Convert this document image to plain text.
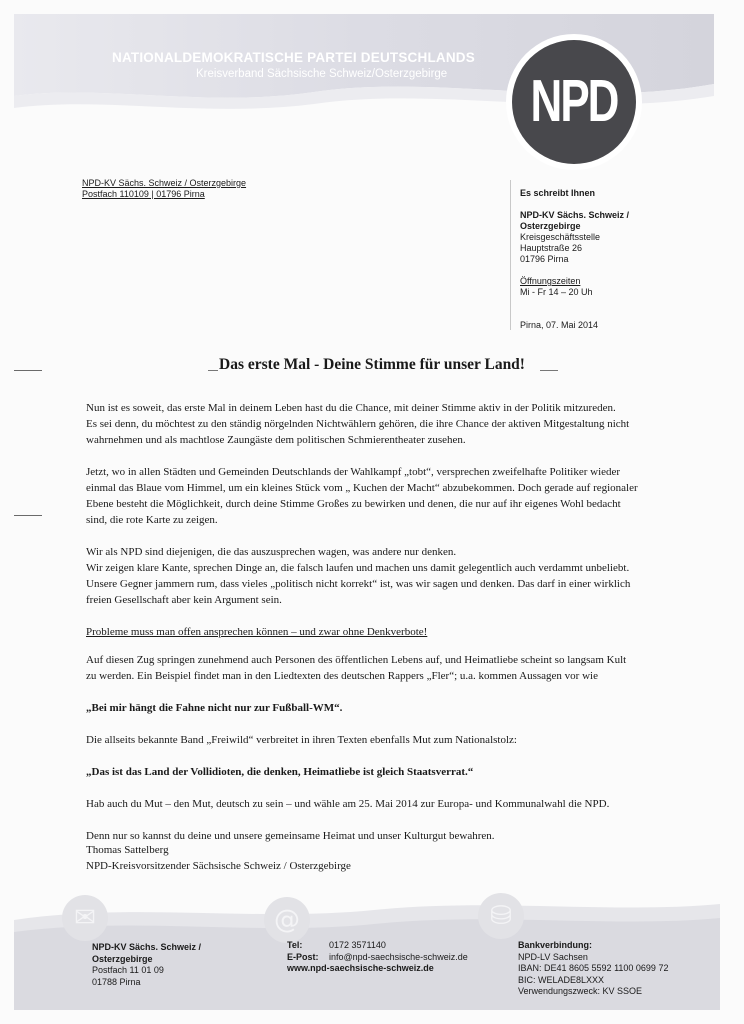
NATIONALDEMOKRATISCHE PARTEI DEUTSCHLANDS
Kreisverband Sächsische Schweiz/Osterzgebirge NPD
NPD-KV Sächs. Schweiz / Osterzgebirge
Postfach 110109 | 01796 Pirna	Es schreibt Ihnen
NPD-KV Sächs. Schweiz /
Osterzgebirge
Kreisgeschäftsstelle
Hauptstraße 26
01796 Pirna
Öffnungszeiten
Mi - Fr 14 – 20 Uh
Pirna, 07. Mai 2014
Das erste Mal - Deine Stimme für unser Land!

Nun ist es soweit, das erste Mal in deinem Leben hast du die Chance, mit deiner Stimme aktiv in der Politik mitzureden.
Es sei denn, du möchtest zu den ständig nörgelnden Nichtwählern gehören, die ihre Chance der aktiven Mitgestaltung nicht
wahrnehmen und als machtlose Zaungäste dem politischen Schmierentheater zusehen.

Jetzt, wo in allen Städten und Gemeinden Deutschlands der Wahlkampf „tobt“, versprechen zweifelhafte Politiker wieder
einmal das Blaue vom Himmel, um ein kleines Stück vom „ Kuchen der Macht“ abzubekommen. Doch gerade auf regionaler
Ebene besteht die Möglichkeit, durch deine Stimme Großes zu bewirken und denen, die nur auf ihr eigenes Wohl bedacht
sind, die rote Karte zu zeigen.

Wir als NPD sind diejenigen, die das auszusprechen wagen, was andere nur denken.
Wir zeigen klare Kante, sprechen Dinge an, die falsch laufen und machen uns damit gelegentlich auch verdammt unbeliebt.
Unsere Gegner jammern rum, dass vieles „politisch nicht korrekt“ ist, was wir sagen und denken. Das darf in einer wirklich
freien Gesellschaft aber kein Argument sein.

Probleme muss man offen ansprechen können – und zwar ohne Denkverbote!

Auf diesen Zug springen zunehmend auch Personen des öffentlichen Lebens auf, und Heimatliebe scheint so langsam Kult
zu werden. Ein Beispiel findet man in den Liedtexten des deutschen Rappers „Fler“; u.a. kommen Aussagen vor wie

„Bei mir hängt die Fahne nicht nur zur Fußball-WM“.

Die allseits bekannte Band „Freiwild“ verbreitet in ihren Texten ebenfalls Mut zum Nationalstolz:

„Das ist das Land der Vollidioten, die denken, Heimatliebe ist gleich Staatsverrat.“

Hab auch du Mut – den Mut, deutsch zu sein – und wähle am 25. Mai 2014 zur Europa- und Kommunalwahl die NPD.

Denn nur so kannst du deine und unsere gemeinsame Heimat und unser Kulturgut bewahren.

Thomas Sattelberg
NPD-Kreisvorsitzender Sächsische Schweiz / Osterzgebirge
✉	@	⛁
NPD-KV Sächs. Schweiz /
Osterzgebirge
Postfach 11 01 09
01788 Pirna
Tel:	0172 3571140
E-Post: info@npd-saechsische-schweiz.de
www.npd-saechsische-schweiz.de
Bankverbindung:
NPD-LV Sachsen
IBAN: DE41 8605 5592 1100 0699 72
BIC: WELADE8LXXX
Verwendungszweck: KV SSOE
